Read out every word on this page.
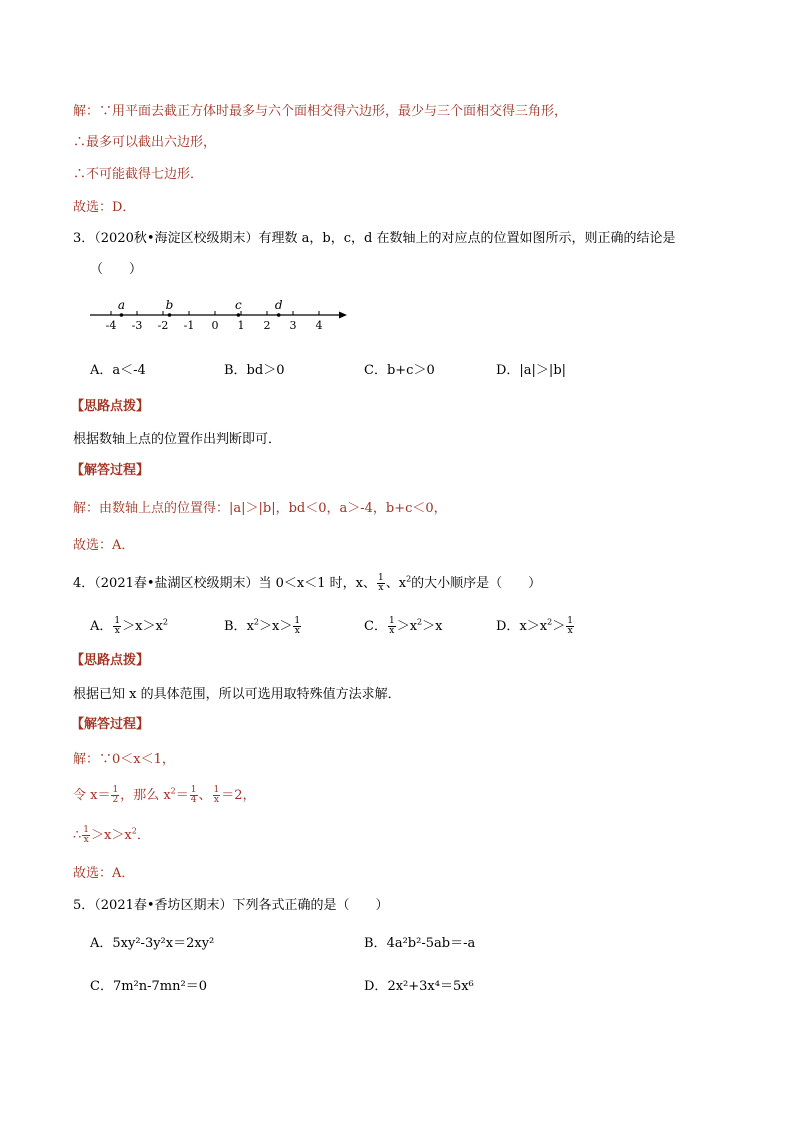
解：∵用平面去截正方体时最多与六个面相交得六边形，最少与三个面相交得三角形，
∴最多可以截出六边形，
∴不可能截得七边形．
故选：D．
3．（2020秋•海淀区校级期末）有理数 a，b，c，d 在数轴上的对应点的位置如图所示，则正确的结论是
（　　）
-4 -3 -2 -1 0 1 2 3 4
a	b	c	d
A．a＜-4	B．bd＞0	C．b+c＞0	D．|a|＞|b|
【思路点拨】
根据数轴上点的位置作出判断即可．
【解答过程】
解：由数轴上点的位置得：|a|＞|b|，bd＜0，a＞-4，b+c＜0，
故选：A．
4．（2021春•盐湖区校级期末）当 0＜x＜1 时，x、 $\frac{1}{x}$ 、$x^2$的大小顺序是（　　）
A． $\frac{1}{x} >x>x^2$	B．$x^2>x> \frac{1}{x}$	C． $\frac{1}{x} >x^2>x$	D．$x>x^2> \frac{1}{x}$
【思路点拨】
根据已知 x 的具体范围，所以可选用取特殊值方法求解．
【解答过程】
解：∵0＜x＜1，
令 $x= \frac{1}{2}$ ，那么 $x^2= \frac{1}{4}$ 、 $\frac{1}{x} =2$，
∴ $\frac{1}{x} >x>x^2$．
故选：A．
5．（2021春•香坊区期末）下列各式正确的是（　　）
A．5xy²-3y²x＝2xy²	B．4a²b²-5ab＝-a
C．7m²n-7mn²＝0	D．2x²+3x⁴＝5x⁶
